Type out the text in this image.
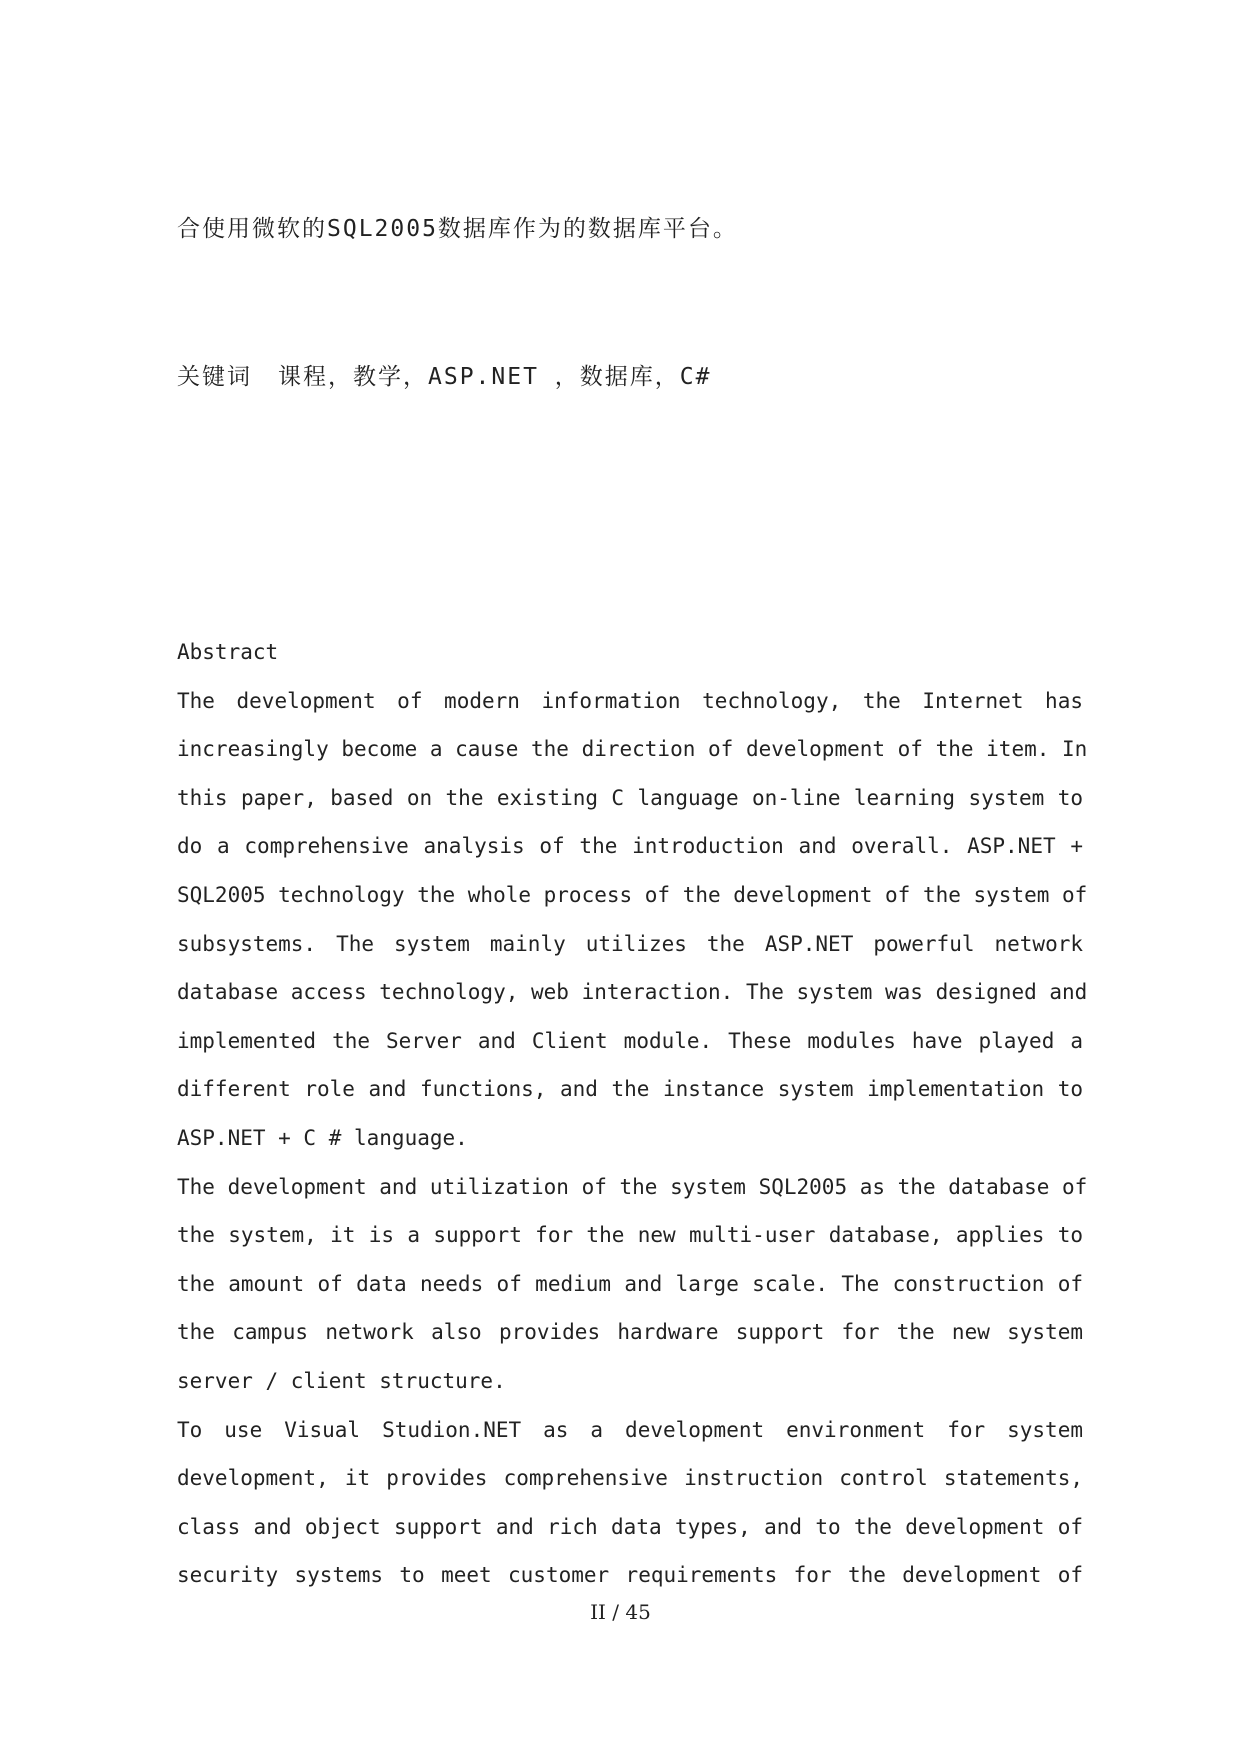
合使用微软的SQL2005数据库作为的数据库平台。
关键词 课程，教学，ASP.NET ，数据库，C#
Abstract

The development of modern information technology, the Internet has
increasingly become a cause the direction of development of the item. In
this paper, based on the existing C language on-line learning system to
do a comprehensive analysis of the introduction and overall. ASP.NET +
SQL2005 technology the whole process of the development of the system of
subsystems. The system mainly utilizes the ASP.NET powerful network
database access technology, web interaction. The system was designed and
implemented the Server and Client module. These modules have played a
different role and functions, and the instance system implementation to
ASP.NET + C # language.

The development and utilization of the system SQL2005 as the database of
the system, it is a support for the new multi-user database, applies to
the amount of data needs of medium and large scale. The construction of
the campus network also provides hardware support for the new system
server / client structure.

To use Visual Studion.NET as a development environment for system
development, it provides comprehensive instruction control statements,
class and object support and rich data types, and to the development of
security systems to meet customer requirements for the development of

II / 45
